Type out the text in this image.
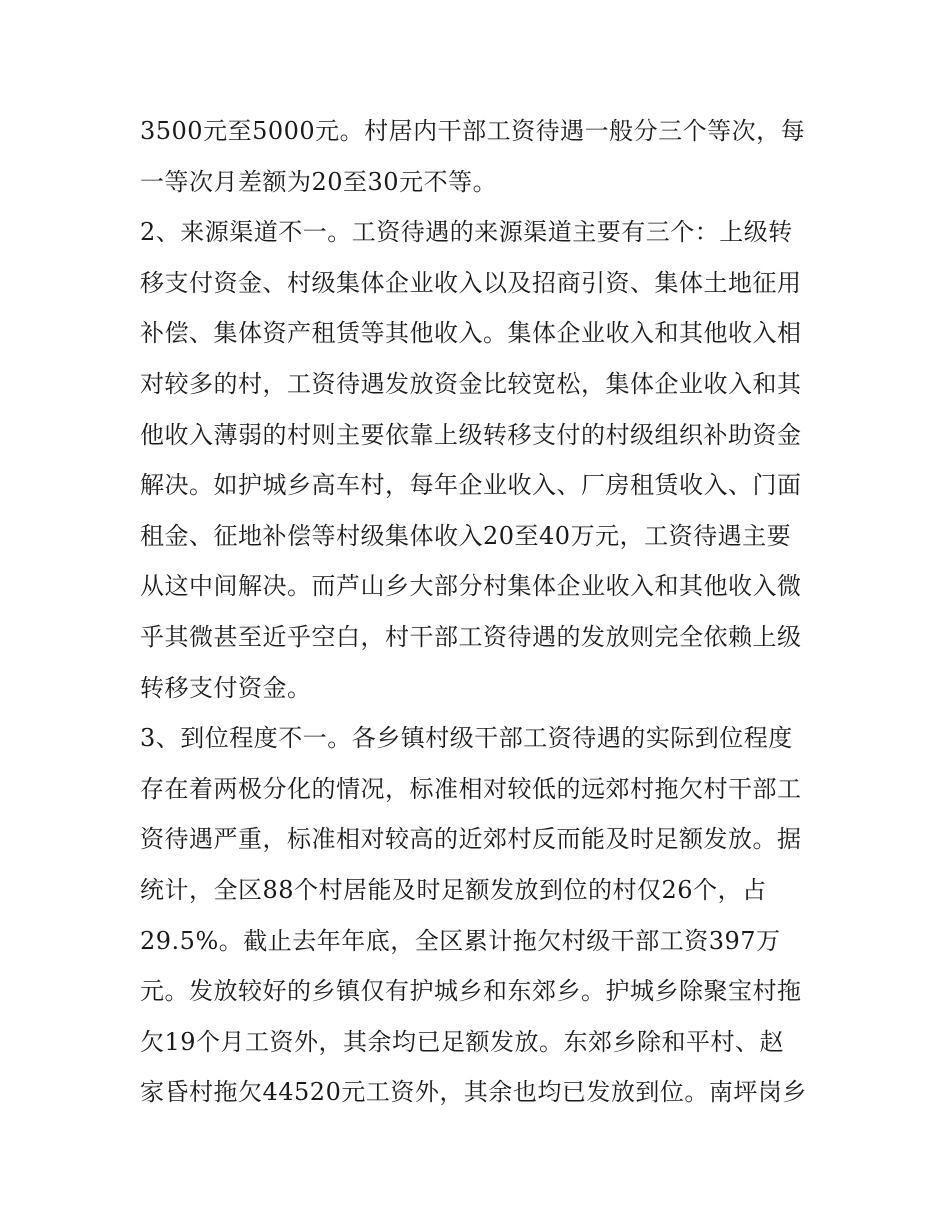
3500元至5000元。村居内干部工资待遇一般分三个等次，每
一等次月差额为20至30元不等。
2、来源渠道不一。工资待遇的来源渠道主要有三个：上级转
移支付资金、村级集体企业收入以及招商引资、集体土地征用
补偿、集体资产租赁等其他收入。集体企业收入和其他收入相
对较多的村，工资待遇发放资金比较宽松，集体企业收入和其
他收入薄弱的村则主要依靠上级转移支付的村级组织补助资金
解决。如护城乡高车村，每年企业收入、厂房租赁收入、门面
租金、征地补偿等村级集体收入20至40万元，工资待遇主要
从这中间解决。而芦山乡大部分村集体企业收入和其他收入微
乎其微甚至近乎空白，村干部工资待遇的发放则完全依赖上级
转移支付资金。
3、到位程度不一。各乡镇村级干部工资待遇的实际到位程度
存在着两极分化的情况，标准相对较低的远郊村拖欠村干部工
资待遇严重，标准相对较高的近郊村反而能及时足额发放。据
统计，全区88个村居能及时足额发放到位的村仅26个，占
29.5%。截止去年年底，全区累计拖欠村级干部工资397万
元。发放较好的乡镇仅有护城乡和东郊乡。护城乡除聚宝村拖
欠19个月工资外，其余均已足额发放。东郊乡除和平村、赵
家昏村拖欠44520元工资外，其余也均已发放到位。南坪岗乡
